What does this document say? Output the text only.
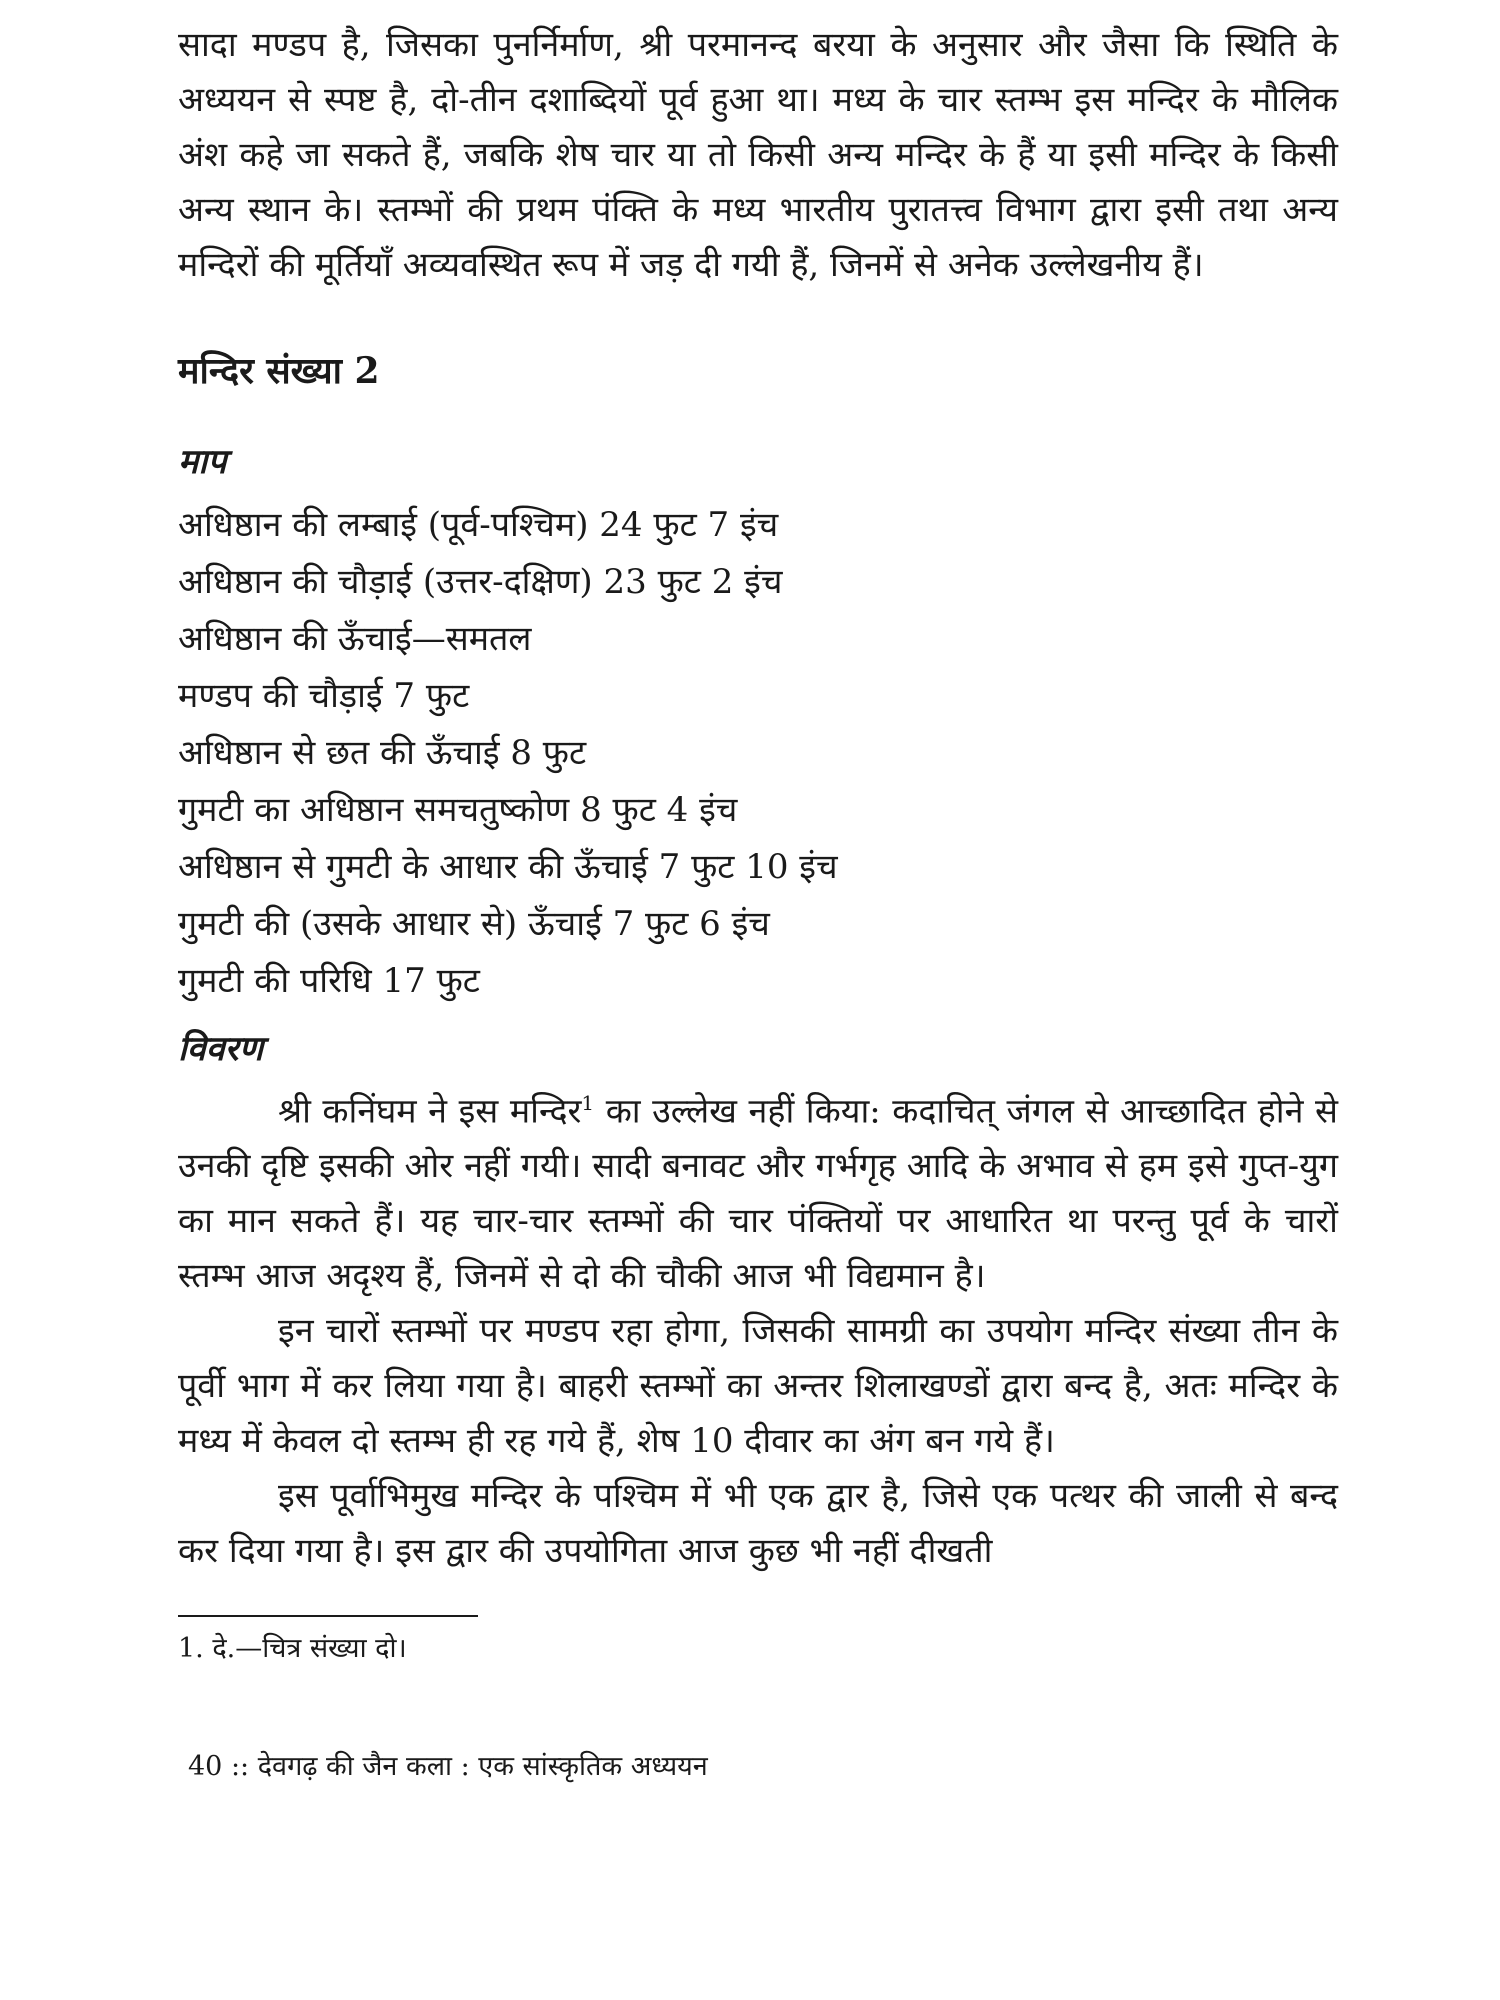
सादा मण्डप है, जिसका पुनर्निर्माण, श्री परमानन्द बरया के अनुसार और जैसा कि स्थिति के अध्ययन से स्पष्ट है, दो-तीन दशाब्दियों पूर्व हुआ था। मध्य के चार स्तम्भ इस मन्दिर के मौलिक अंश कहे जा सकते हैं, जबकि शेष चार या तो किसी अन्य मन्दिर के हैं या इसी मन्दिर के किसी अन्य स्थान के। स्तम्भों की प्रथम पंक्ति के मध्य भारतीय पुरातत्त्व विभाग द्वारा इसी तथा अन्य मन्दिरों की मूर्तियाँ अव्यवस्थित रूप में जड़ दी गयी हैं, जिनमें से अनेक उल्लेखनीय हैं।

मन्दिर संख्या 2
माप
अधिष्ठान की लम्बाई (पूर्व-पश्चिम) 24 फुट 7 इंच
अधिष्ठान की चौड़ाई (उत्तर-दक्षिण) 23 फुट 2 इंच
अधिष्ठान की ऊँचाई—समतल
मण्डप की चौड़ाई 7 फुट
अधिष्ठान से छत की ऊँचाई 8 फुट
गुमटी का अधिष्ठान समचतुष्कोण 8 फुट 4 इंच
अधिष्ठान से गुमटी के आधार की ऊँचाई 7 फुट 10 इंच
गुमटी की (उसके आधार से) ऊँचाई 7 फुट 6 इंच
गुमटी की परिधि 17 फुट
विवरण

श्री कनिंघम ने इस मन्दिर$^1$ का उल्लेख नहीं किया: कदाचित् जंगल से आच्छादित होने से उनकी दृष्टि इसकी ओर नहीं गयी। सादी बनावट और गर्भगृह आदि के अभाव से हम इसे गुप्त-युग का मान सकते हैं। यह चार-चार स्तम्भों की चार पंक्तियों पर आधारित था परन्तु पूर्व के चारों स्तम्भ आज अदृश्य हैं, जिनमें से दो की चौकी आज भी विद्यमान है।

इन चारों स्तम्भों पर मण्डप रहा होगा, जिसकी सामग्री का उपयोग मन्दिर संख्या तीन के पूर्वी भाग में कर लिया गया है। बाहरी स्तम्भों का अन्तर शिलाखण्डों द्वारा बन्द है, अतः मन्दिर के मध्य में केवल दो स्तम्भ ही रह गये हैं, शेष 10 दीवार का अंग बन गये हैं।

इस पूर्वाभिमुख मन्दिर के पश्चिम में भी एक द्वार है, जिसे एक पत्थर की जाली से बन्द कर दिया गया है। इस द्वार की उपयोगिता आज कुछ भी नहीं दीखती

1. दे.—चित्र संख्या दो।

40 :: देवगढ़ की जैन कला : एक सांस्कृतिक अध्ययन
